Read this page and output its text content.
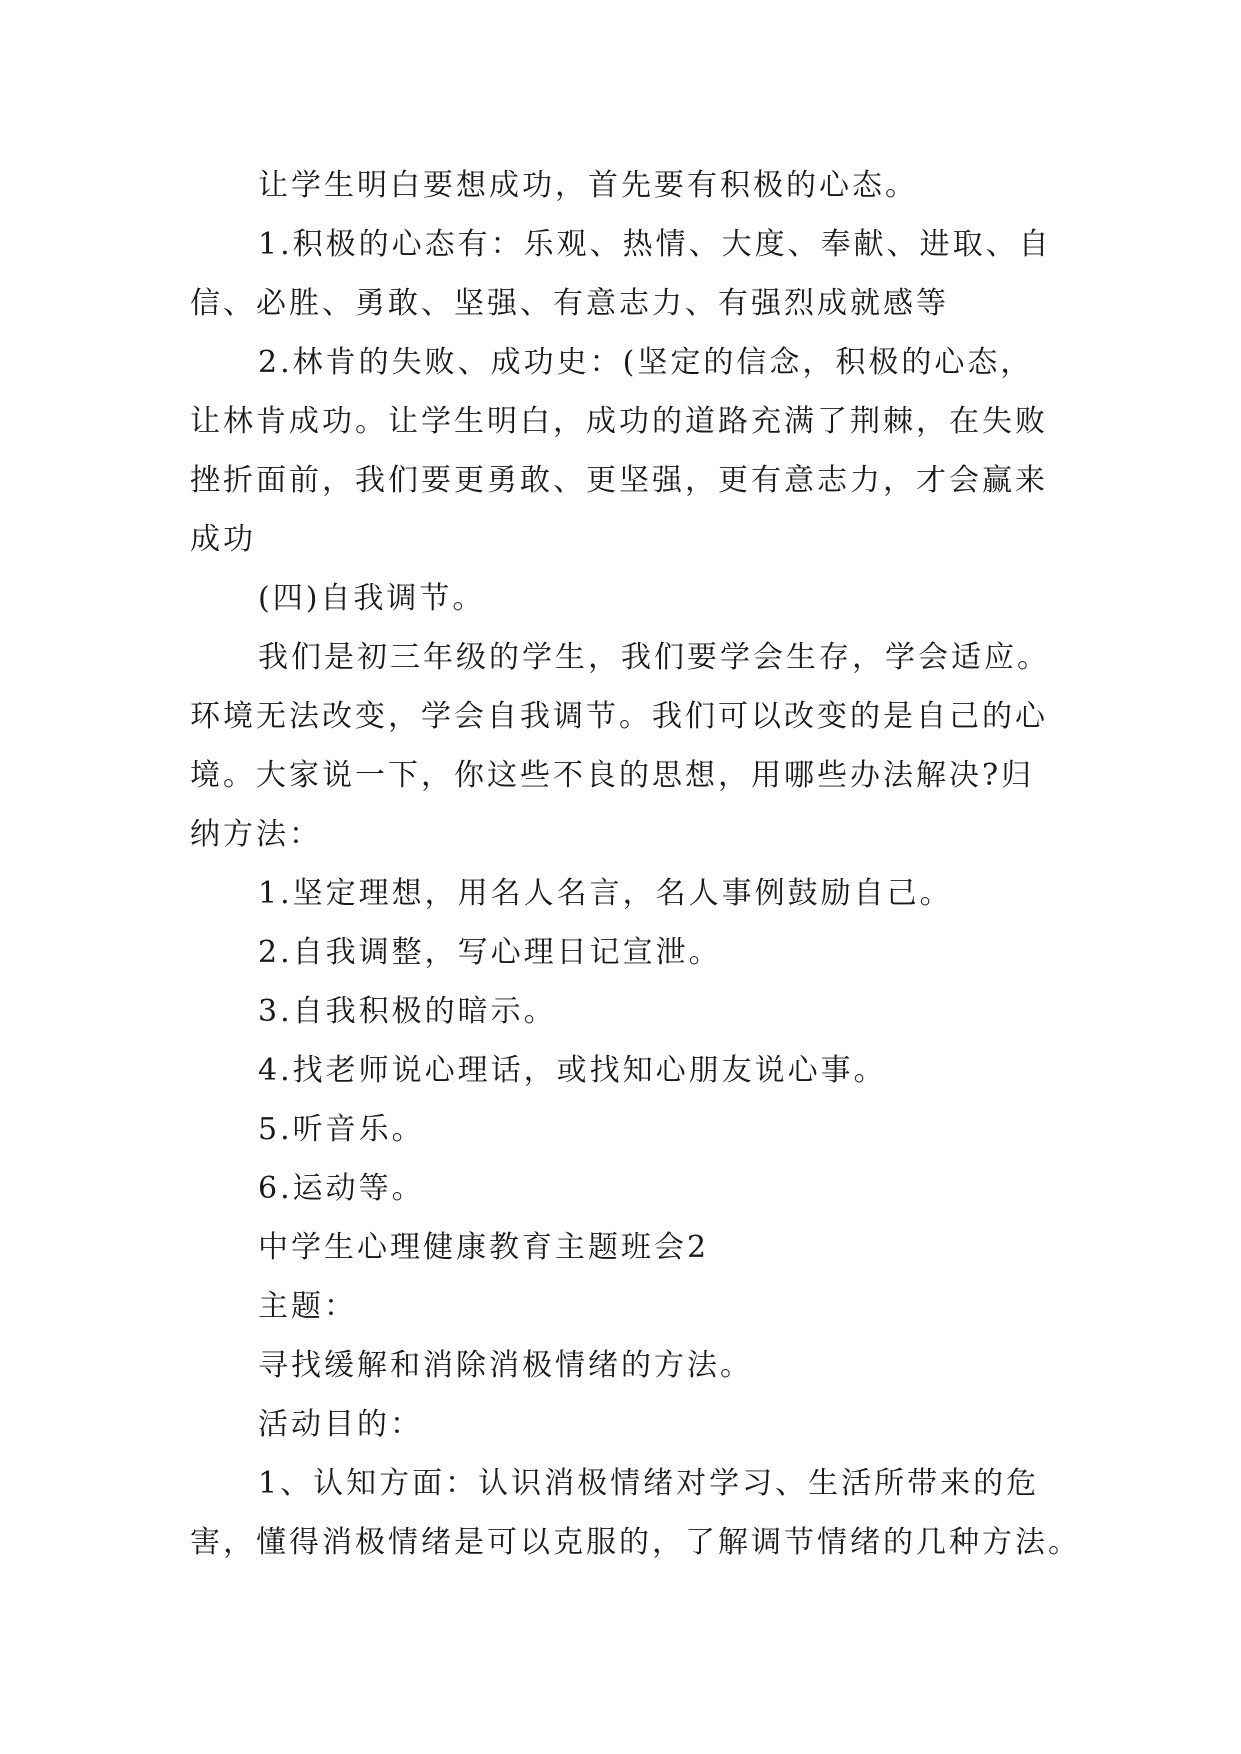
让学生明白要想成功，首先要有积极的心态。
1.积极的心态有：乐观、热情、大度、奉献、进取、自
信、必胜、勇敢、坚强、有意志力、有强烈成就感等
2.林肯的失败、成功史：(坚定的信念，积极的心态，
让林肯成功。让学生明白，成功的道路充满了荆棘，在失败
挫折面前，我们要更勇敢、更坚强，更有意志力，才会赢来
成功
(四)自我调节。
我们是初三年级的学生，我们要学会生存，学会适应。
环境无法改变，学会自我调节。我们可以改变的是自己的心
境。大家说一下，你这些不良的思想，用哪些办法解决?归
纳方法：
1.坚定理想，用名人名言，名人事例鼓励自己。
2.自我调整，写心理日记宣泄。
3.自我积极的暗示。
4.找老师说心理话，或找知心朋友说心事。
5.听音乐。
6.运动等。
中学生心理健康教育主题班会2
主题：
寻找缓解和消除消极情绪的方法。
活动目的：
1、认知方面：认识消极情绪对学习、生活所带来的危
害，懂得消极情绪是可以克服的，了解调节情绪的几种方法。
